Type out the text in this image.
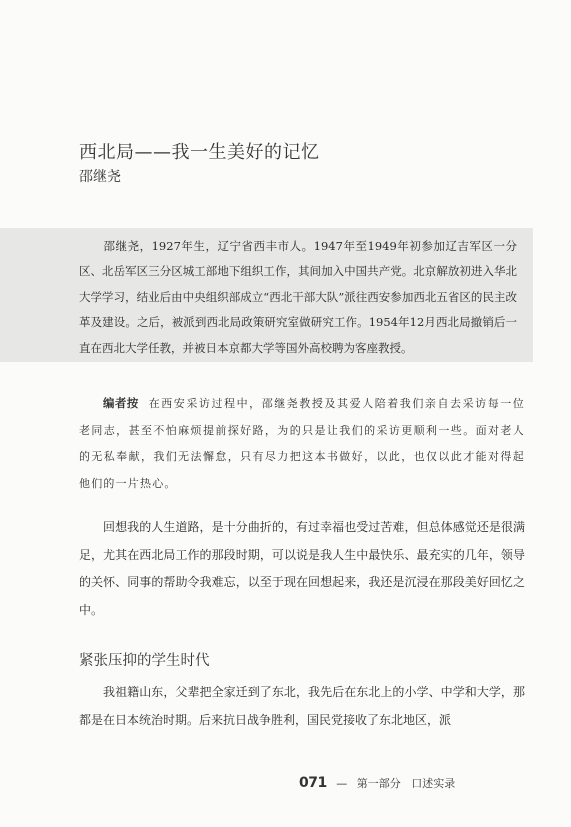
西北局——我一生美好的记忆
邵继尧
邵继尧，1927年生，辽宁省西丰市人。1947年至1949年初参加辽吉军区一分区、北岳军区三分区城工部地下组织工作，其间加入中国共产党。北京解放初进入华北大学学习，结业后由中央组织部成立“西北干部大队”派往西安参加西北五省区的民主改革及建设。之后，被派到西北局政策研究室做研究工作。1954年12月西北局撤销后一直在西北大学任教，并被日本京都大学等国外高校聘为客座教授。
编者按 在西安采访过程中，邵继尧教授及其爱人陪着我们亲自去采访每一位老同志，甚至不怕麻烦提前探好路，为的只是让我们的采访更顺利一些。面对老人的无私奉献，我们无法懈怠，只有尽力把这本书做好，以此，也仅以此才能对得起他们的一片热心。
回想我的人生道路，是十分曲折的，有过幸福也受过苦难，但总体感觉还是很满足，尤其在西北局工作的那段时期，可以说是我人生中最快乐、最充实的几年，领导的关怀、同事的帮助令我难忘，以至于现在回想起来，我还是沉浸在那段美好回忆之中。
紧张压抑的学生时代
我祖籍山东，父辈把全家迁到了东北，我先后在东北上的小学、中学和大学，那都是在日本统治时期。后来抗日战争胜利，国民党接收了东北地区，派
071 — 第一部分 口述实录
